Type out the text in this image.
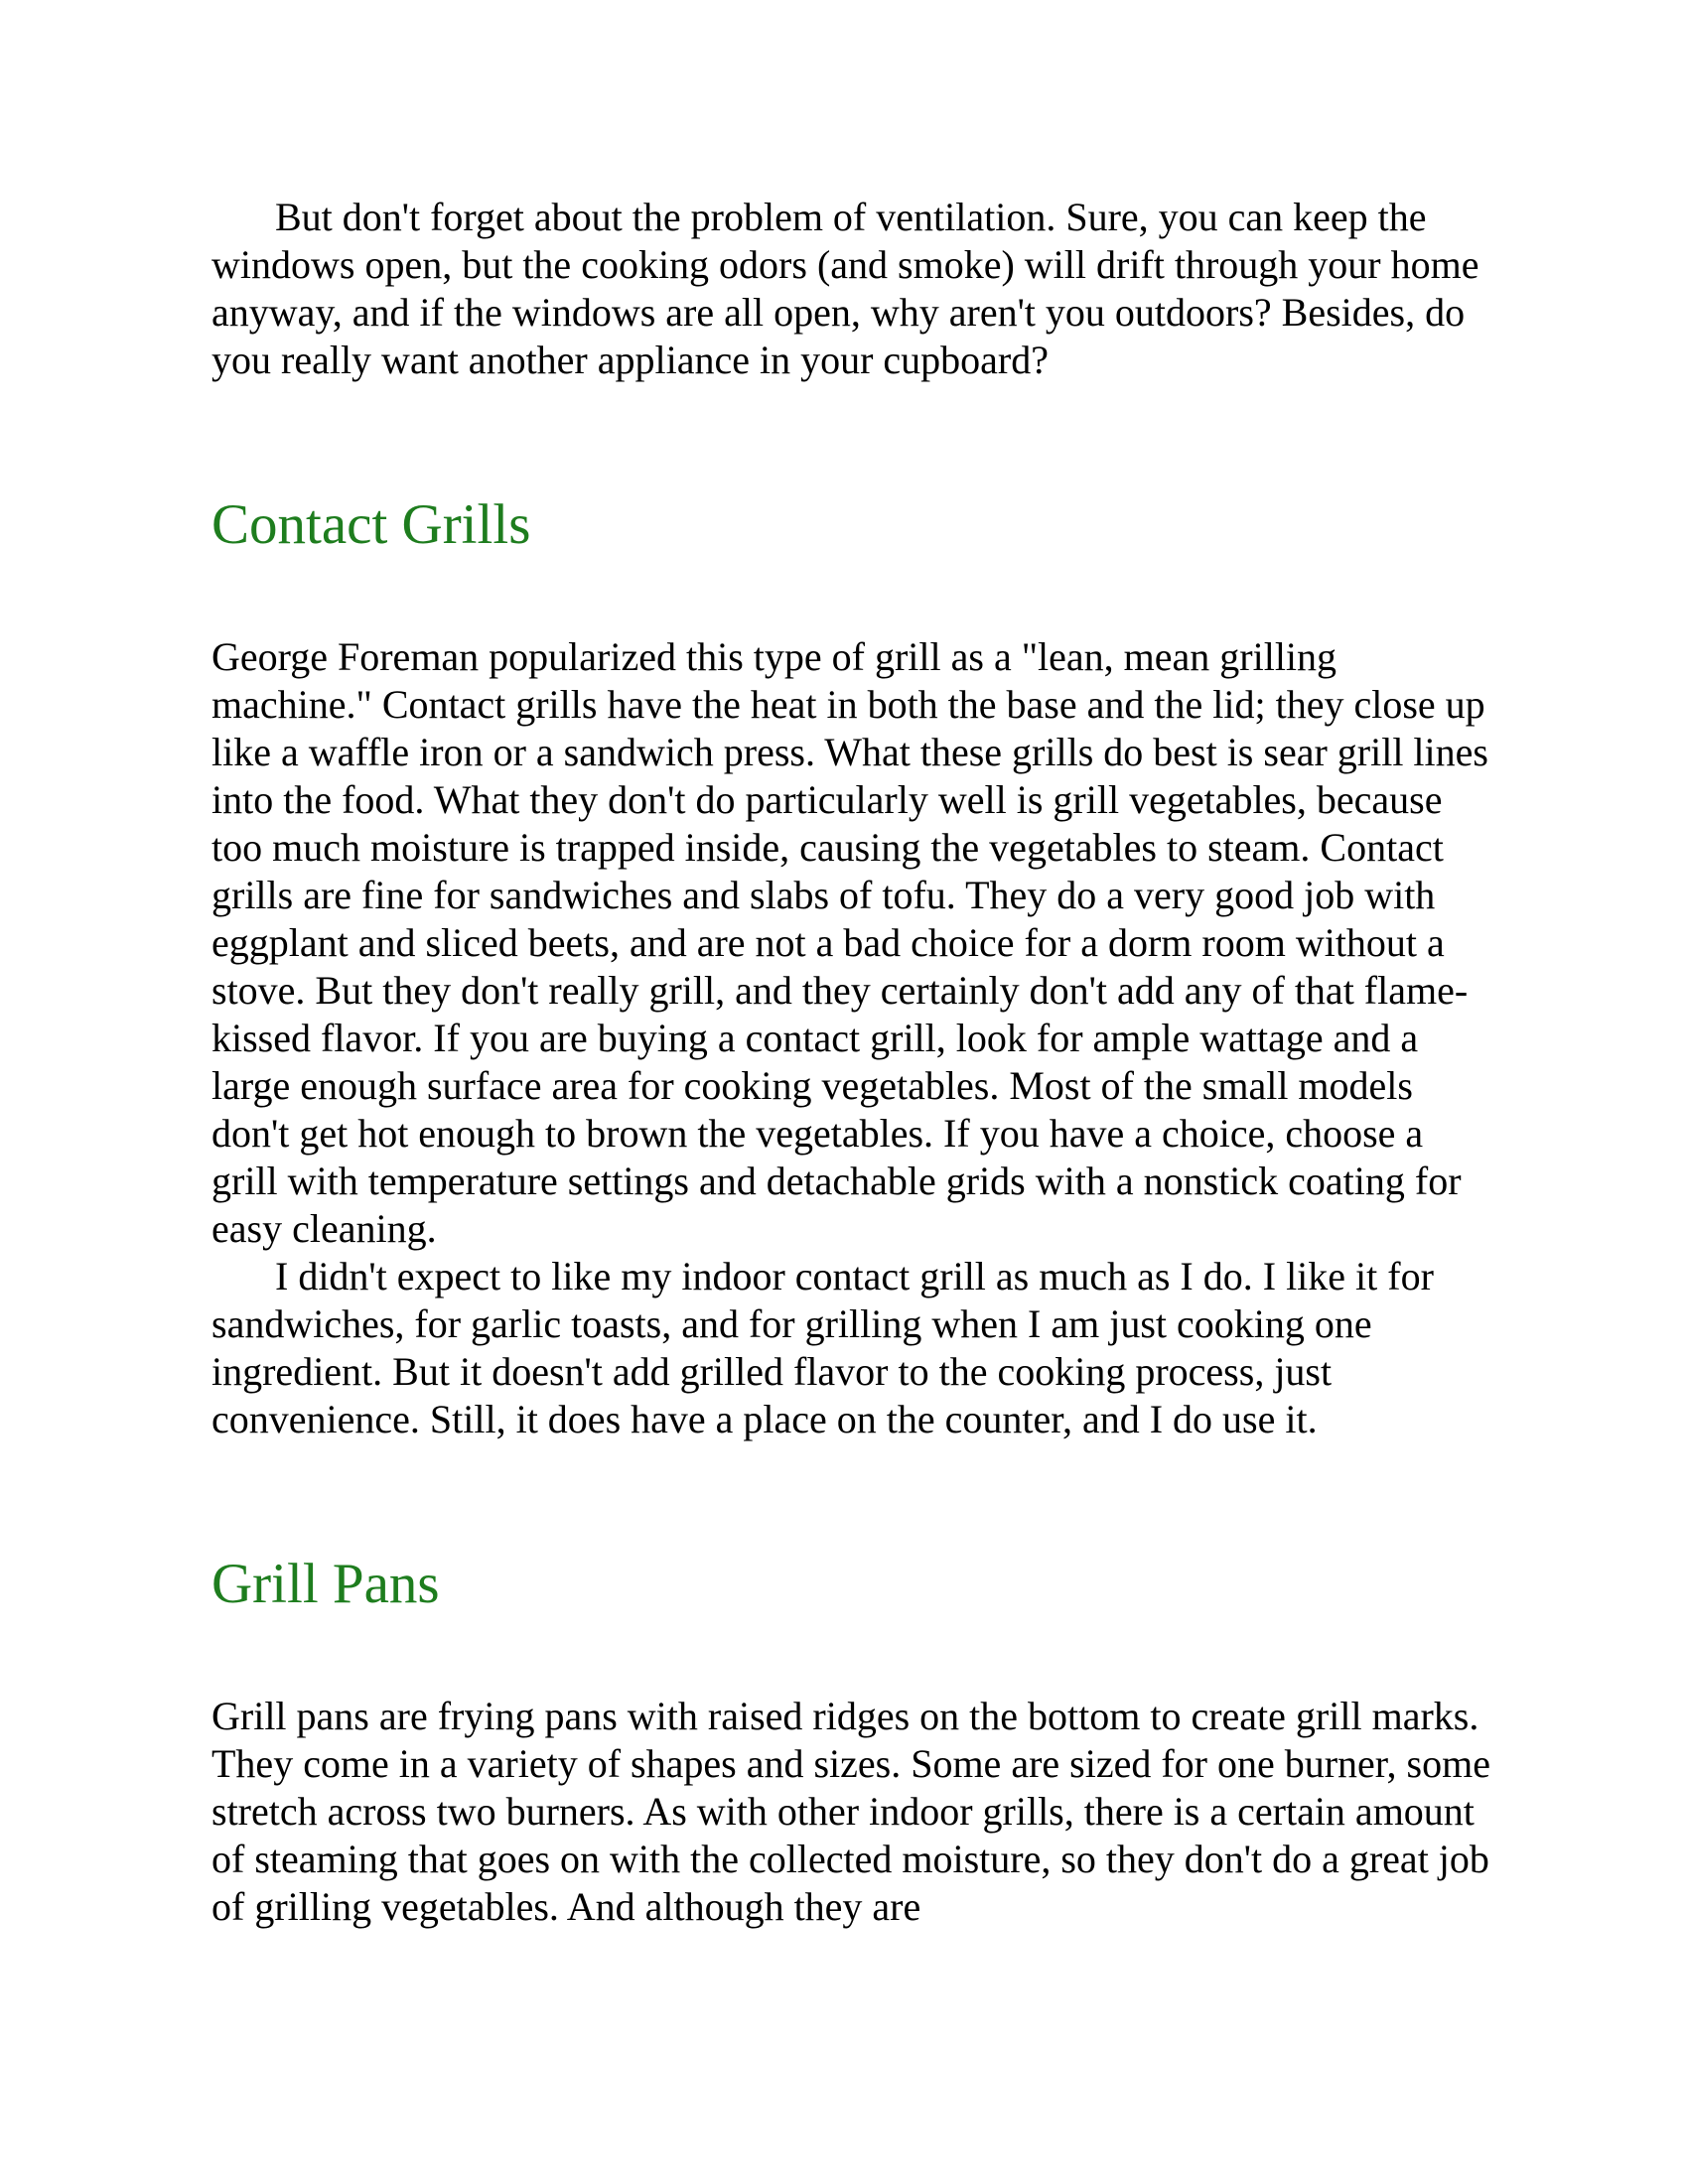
But don't forget about the problem of ventilation. Sure, you can keep the windows open, but the cooking odors (and smoke) will drift through your home anyway, and if the windows are all open, why aren't you outdoors? Besides, do you really want another appliance in your cupboard?

Contact Grills

George Foreman popularized this type of grill as a "lean, mean grilling machine." Contact grills have the heat in both the base and the lid; they close up like a waffle iron or a sandwich press. What these grills do best is sear grill lines into the food. What they don't do particularly well is grill vegetables, because too much moisture is trapped inside, causing the vegetables to steam. Contact grills are fine for sandwiches and slabs of tofu. They do a very good job with eggplant and sliced beets, and are not a bad choice for a dorm room without a stove. But they don't really grill, and they certainly don't add any of that flame-kissed flavor. If you are buying a contact grill, look for ample wattage and a large enough surface area for cooking vegetables. Most of the small models don't get hot enough to brown the vegetables. If you have a choice, choose a grill with temperature settings and detachable grids with a nonstick coating for easy cleaning.

I didn't expect to like my indoor contact grill as much as I do. I like it for sandwiches, for garlic toasts, and for grilling when I am just cooking one ingredient. But it doesn't add grilled flavor to the cooking process, just convenience. Still, it does have a place on the counter, and I do use it.

Grill Pans

Grill pans are frying pans with raised ridges on the bottom to create grill marks. They come in a variety of shapes and sizes. Some are sized for one burner, some stretch across two burners. As with other indoor grills, there is a certain amount of steaming that goes on with the collected moisture, so they don't do a great job of grilling vegetables. And although they are
